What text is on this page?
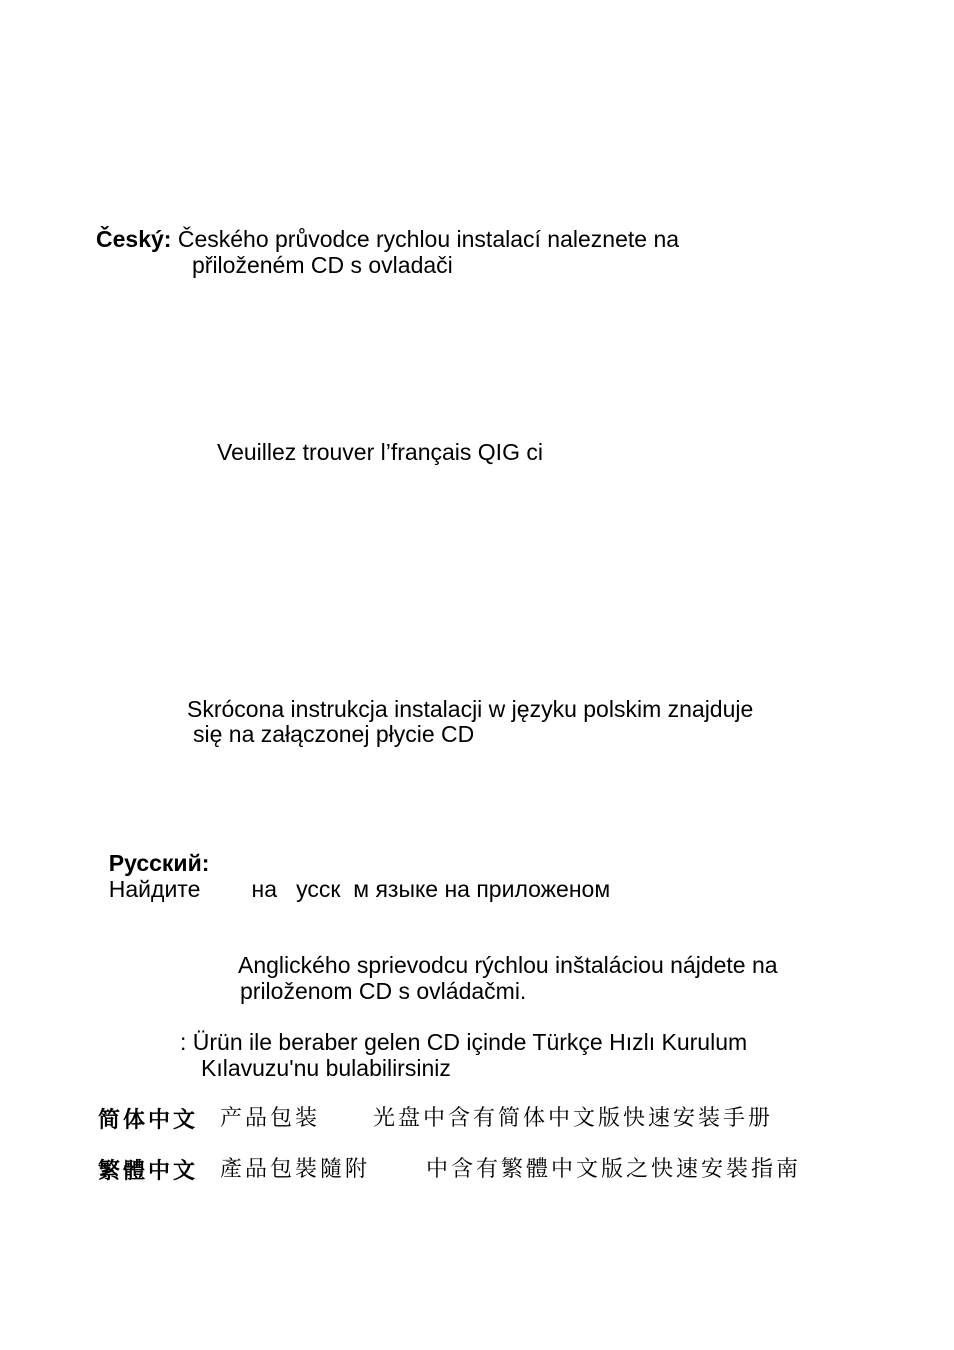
Český: Českého průvodce rychlou instalací naleznete na
přiloženém CD s ovladači
Veuillez trouver l’français QIG ci
Skrócona instrukcja instalacji w języku polskim znajduje
się na załączonej płycie CD

Русский:
Найдите        на   усск  м языке на приложеном

Anglického sprievodcu rýchlou inštaláciou nájdete na
priloženom CD s ovládačmi.
: Ürün ile beraber gelen CD içinde Türkçe Hızlı Kurulum
Kılavuzu'nu bulabilirsiniz
简体中文 产品包装 光盘中含有简体中文版快速安装手册
繁體中文 產品包裝隨附	中含有繁體中文版之快速安裝指南
